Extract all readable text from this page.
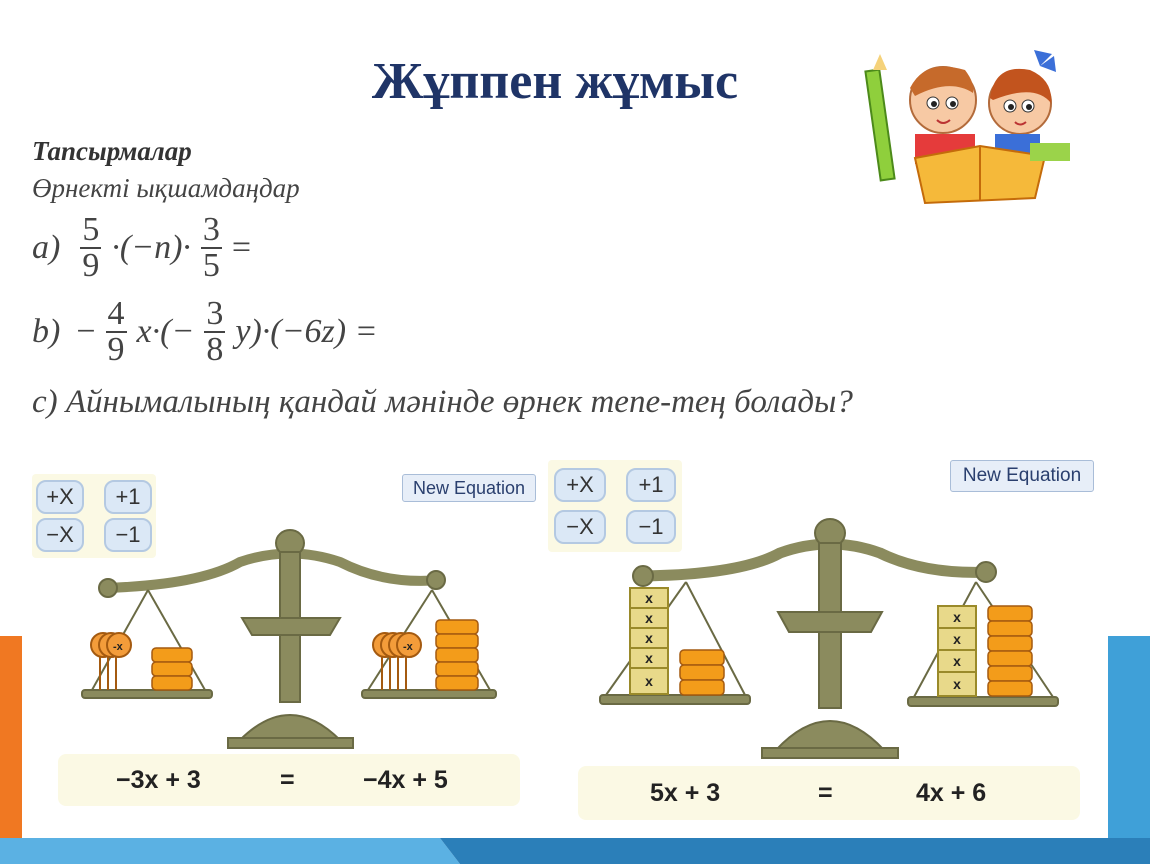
Жұппен жұмыс
Тапсырмалар
Өрнекті ықшамдаңдар
$a) \frac{5}{9} \cdot(-n)\cdot \frac{3}{5}$ =
$b) - \frac{4}{9} x\cdot(- \frac{3}{8} y)\cdot(-6z)$ =
c) Айнымалының қандай мәнінде өрнек тепе-тең болады?
+X	+1
−X	−1
New Equation
-x	-x
−3x + 3	=	−4x + 5
+X	+1
−X	−1
New Equation
x
x
x
x
x
x
x
x
x
5x + 3	=	4x + 6
